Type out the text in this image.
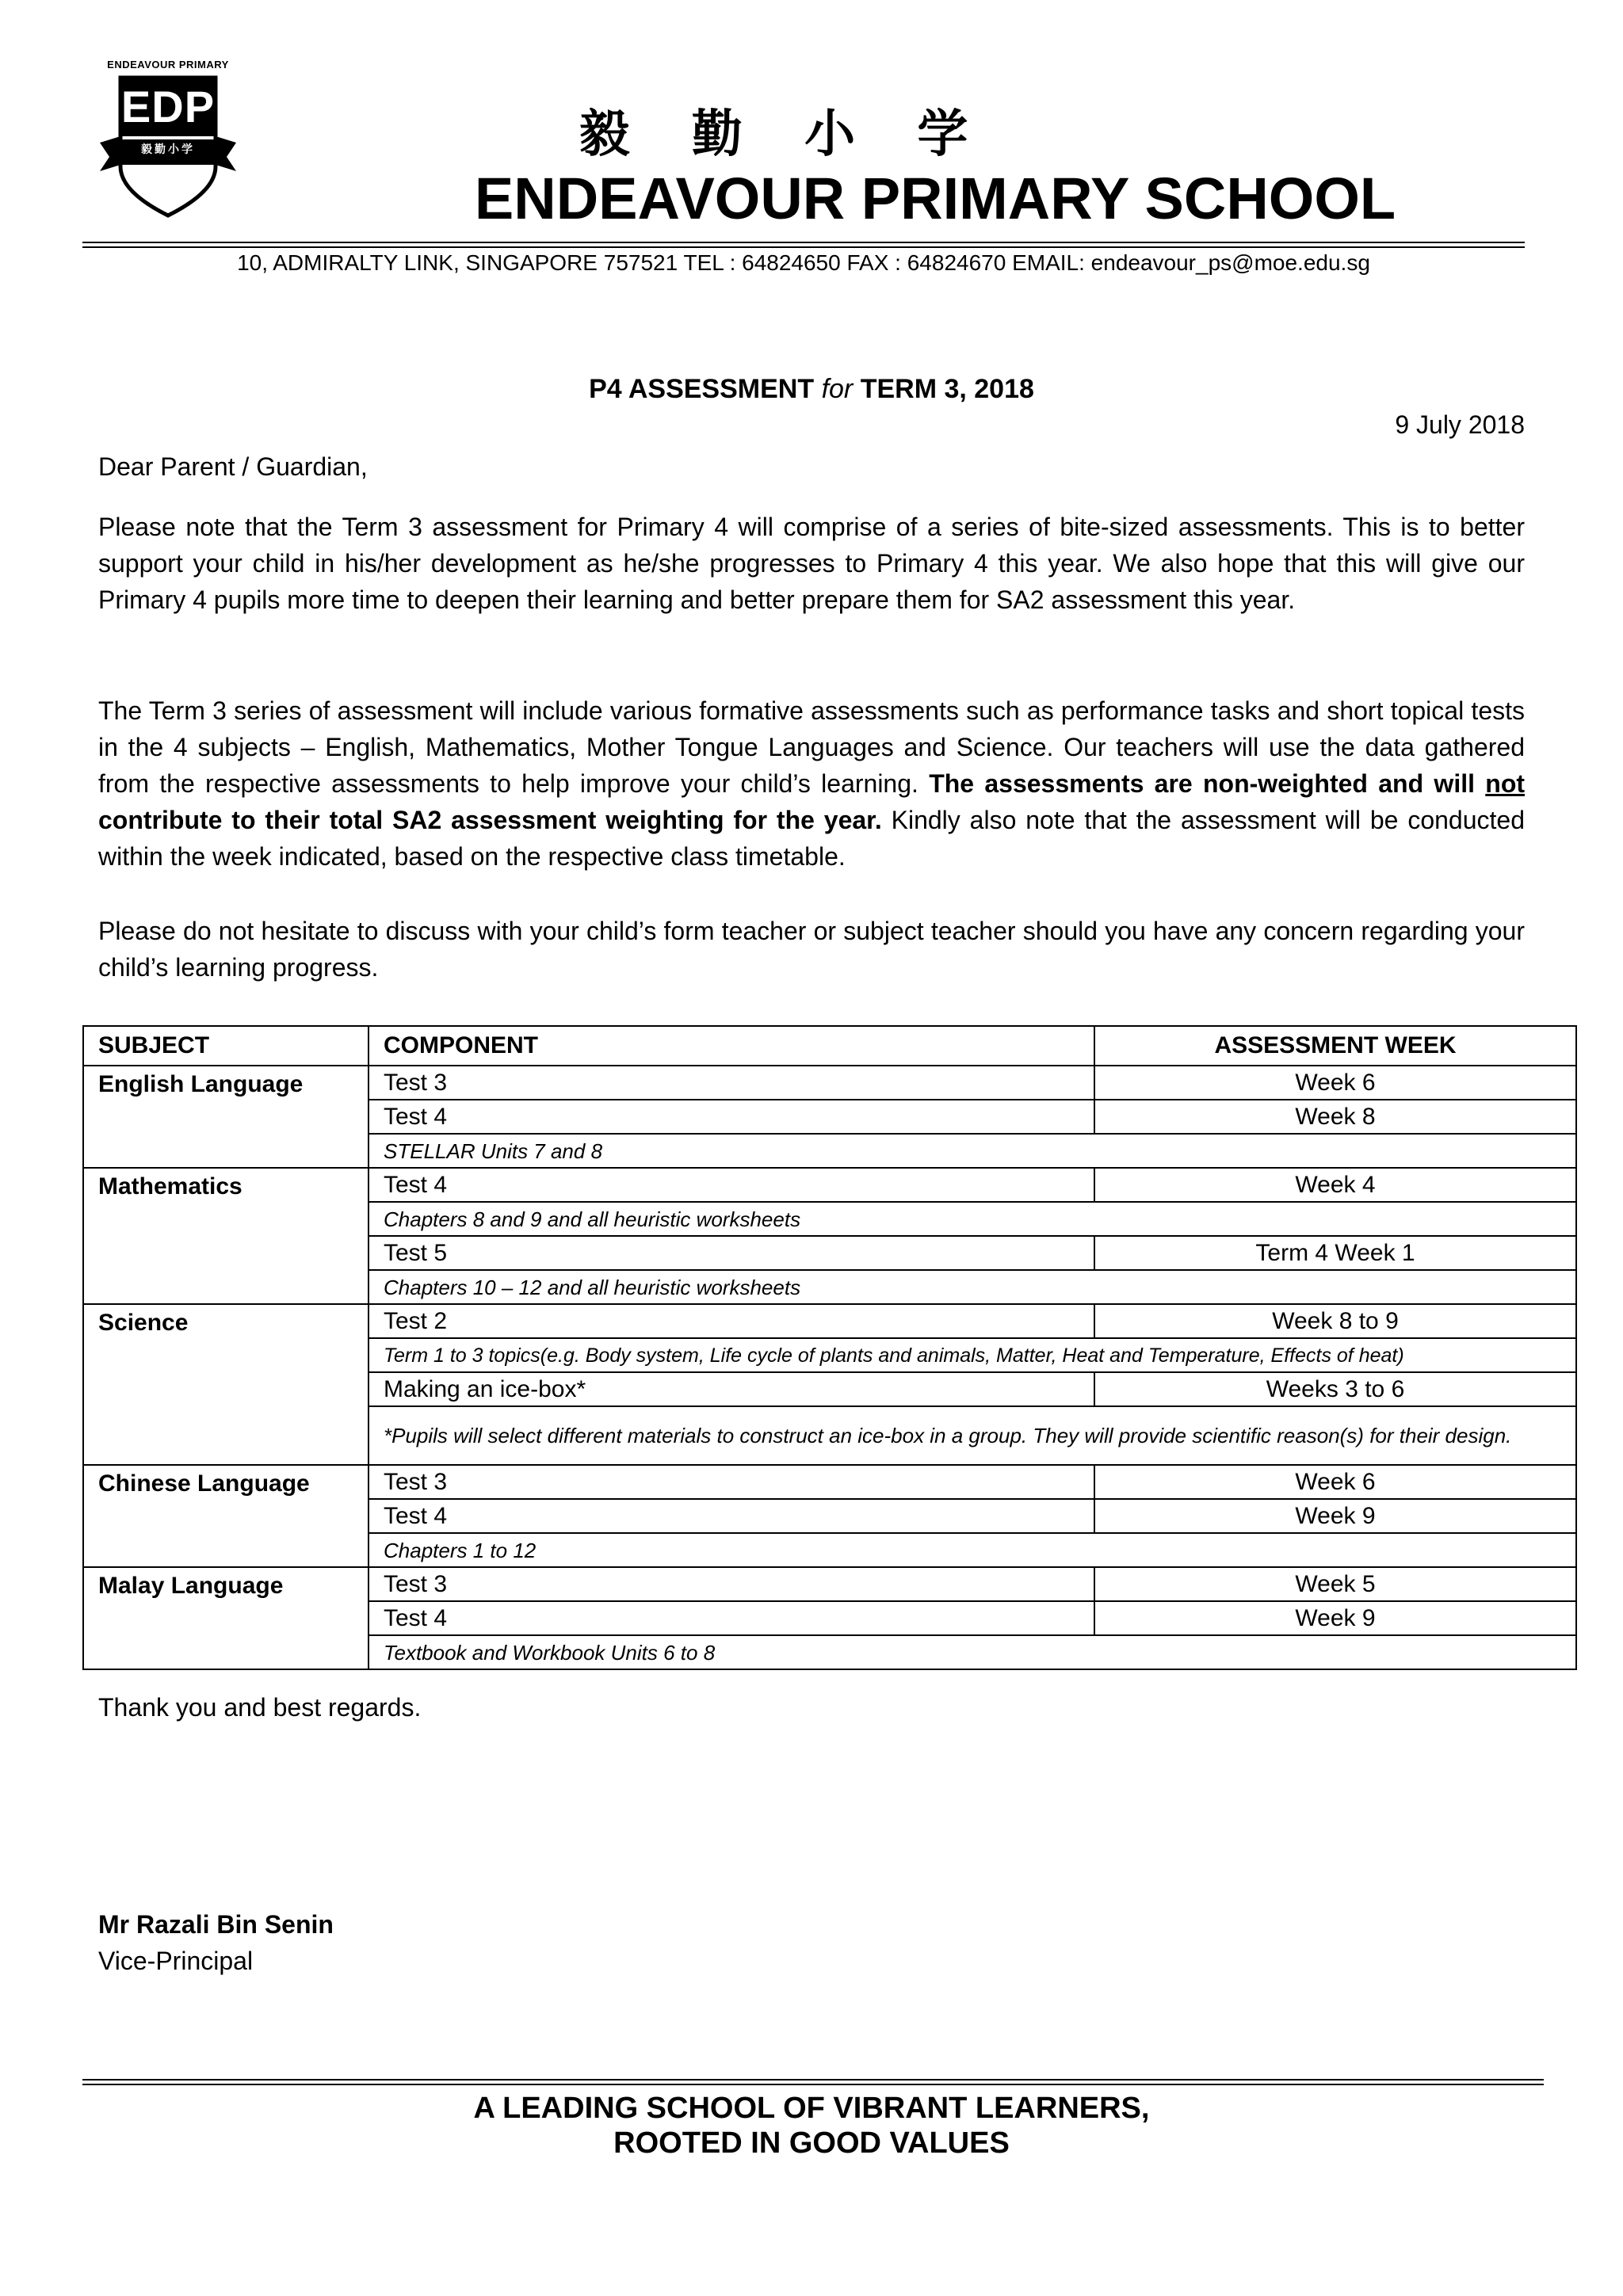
ENDEAVOUR PRIMARY
EDP
毅勤小学	毅 勤 小 学
ENDEAVOUR PRIMARY SCHOOL
10, ADMIRALTY LINK, SINGAPORE 757521 TEL : 64824650 FAX : 64824670 EMAIL: endeavour_ps@moe.edu.sg
P4 ASSESSMENT for TERM 3, 2018
9 July 2018
Dear Parent / Guardian,

Please note that the Term 3 assessment for Primary 4 will comprise of a series of bite-sized assessments. This is to better support your child in his/her development as he/she progresses to Primary 4 this year. We also hope that this will give our Primary 4 pupils more time to deepen their learning and better prepare them for SA2 assessment this year.

The Term 3 series of assessment will include various formative assessments such as performance tasks and short topical tests in the 4 subjects – English, Mathematics, Mother Tongue Languages and Science. Our teachers will use the data gathered from the respective assessments to help improve your child’s learning. The assessments are non-weighted and will not contribute to their total SA2 assessment weighting for the year. Kindly also note that the assessment will be conducted within the week indicated, based on the respective class timetable.

Please do not hesitate to discuss with your child’s form teacher or subject teacher should you have any concern regarding your child’s learning progress.

SUBJECT	COMPONENT	ASSESSMENT WEEK
English Language	Test 3	Week 6
	Test 4	Week 8
	STELLAR Units 7 and 8	
Mathematics	Test 4	Week 4
	Chapters 8 and 9 and all heuristic worksheets	
	Test 5	Term 4 Week 1
	Chapters 10 – 12 and all heuristic worksheets	
Science	Test 2	Week 8 to 9
	Term 1 to 3 topics(e.g. Body system, Life cycle of plants and animals, Matter, Heat and Temperature, Effects of heat)	
	Making an ice-box*	Weeks 3 to 6
	*Pupils will select different materials to construct an ice-box in a group. They will provide scientific reason(s) for their design.	
Chinese Language	Test 3	Week 6
	Test 4	Week 9
	Chapters 1 to 12	
Malay Language	Test 3	Week 5
	Test 4	Week 9
	Textbook and Workbook Units 6 to 8	
Thank you and best regards.
Mr Razali Bin Senin
Vice-Principal
A LEADING SCHOOL OF VIBRANT LEARNERS,
ROOTED IN GOOD VALUES
